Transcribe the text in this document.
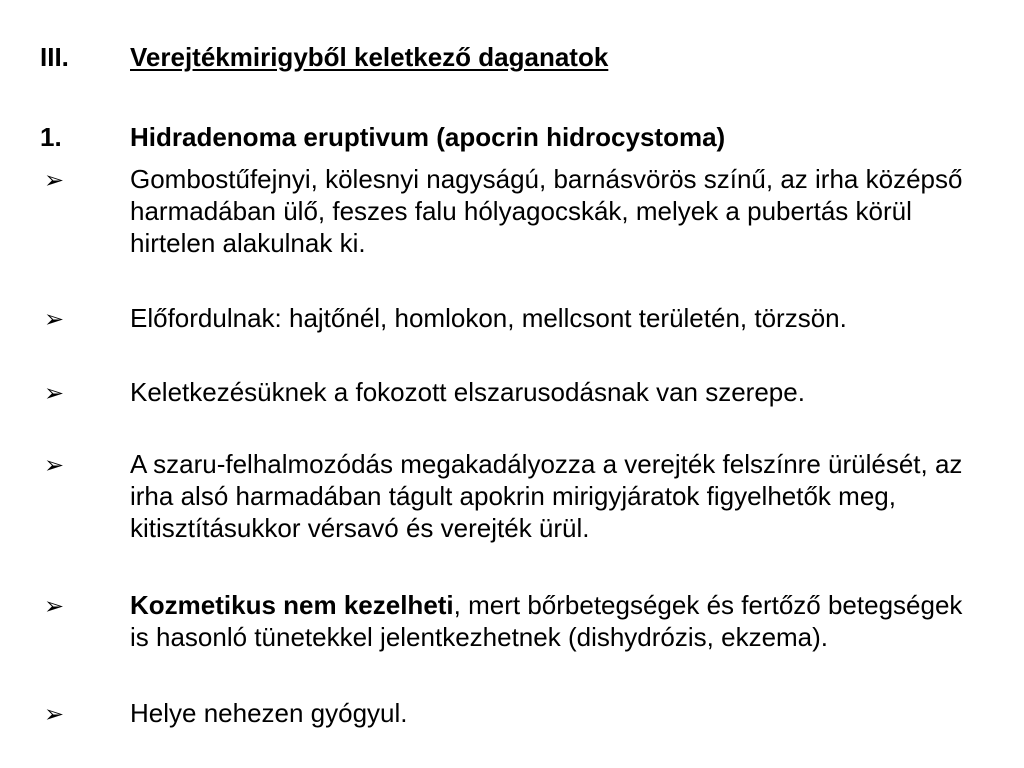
III.	Verejtékmirigyből keletkező daganatok
1.	Hidradenoma eruptivum (apocrin hidrocystoma)
➢	Gombostűfejnyi, kölesnyi nagyságú, barnásvörös színű, az irha középső harmadában ülő, feszes falu hólyagocskák, melyek a pubertás körül hirtelen alakulnak ki.
➢	Előfordulnak: hajtőnél, homlokon, mellcsont területén, törzsön.
➢	Keletkezésüknek a fokozott elszarusodásnak van szerepe.
➢	A szaru-felhalmozódás megakadályozza a verejték felszínre ürülését, az irha alsó harmadában tágult apokrin mirigyjáratok figyelhetők meg, kitisztításukkor vérsavó és verejték ürül.
➢	Kozmetikus nem kezelheti, mert bőrbetegségek és fertőző betegségek is hasonló tünetekkel jelentkezhetnek (dishydrózis, ekzema).
➢	Helye nehezen gyógyul.
